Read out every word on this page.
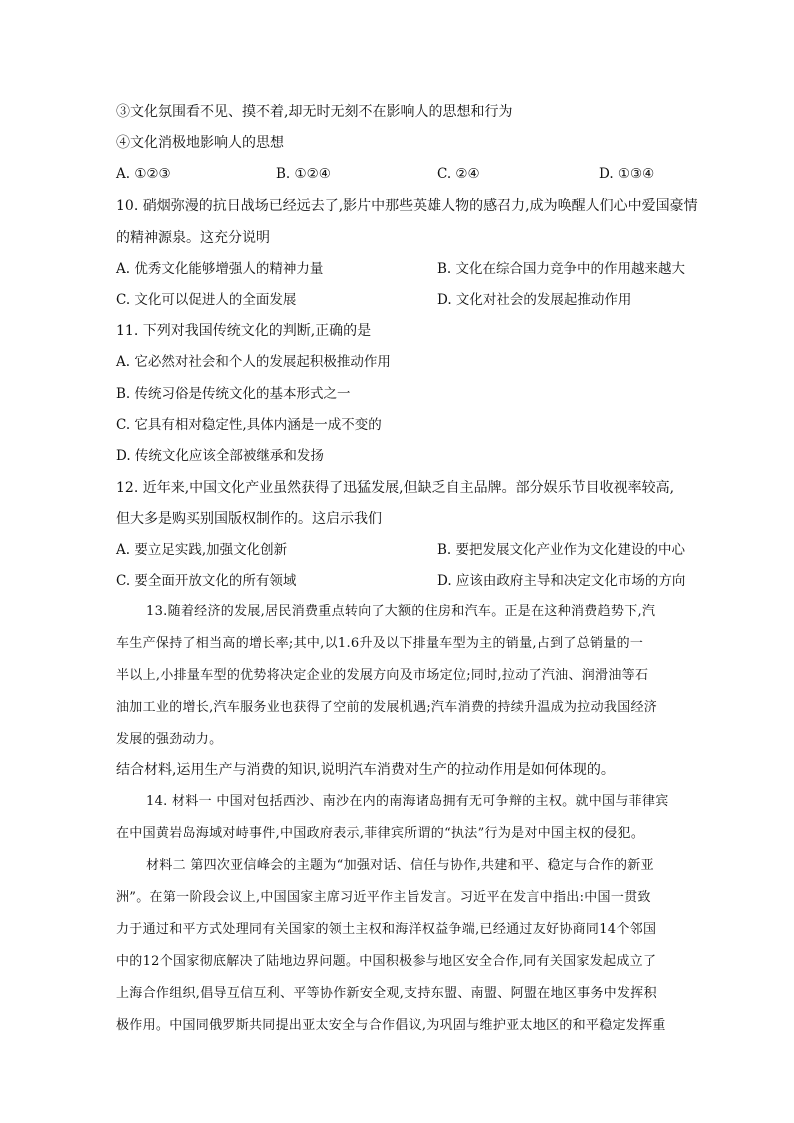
③文化氛围看不见、摸不着,却无时无刻不在影响人的思想和行为
④文化消极地影响人的思想
A. ①②③	B. ①②④	C. ②④	D. ①③④
10. 硝烟弥漫的抗日战场已经远去了,影片中那些英雄人物的感召力,成为唤醒人们心中爱国豪情
的精神源泉。这充分说明
A. 优秀文化能够增强人的精神力量	B. 文化在综合国力竞争中的作用越来越大
C. 文化可以促进人的全面发展	D. 文化对社会的发展起推动作用
11. 下列对我国传统文化的判断,正确的是
A. 它必然对社会和个人的发展起积极推动作用
B. 传统习俗是传统文化的基本形式之一
C. 它具有相对稳定性,具体内涵是一成不变的
D. 传统文化应该全部被继承和发扬
12. 近年来,中国文化产业虽然获得了迅猛发展,但缺乏自主品牌。部分娱乐节目收视率较高,
但大多是购买别国版权制作的。这启示我们
A. 要立足实践,加强文化创新	B. 要把发展文化产业作为文化建设的中心
C. 要全面开放文化的所有领域	D. 应该由政府主导和决定文化市场的方向
13.随着经济的发展,居民消费重点转向了大额的住房和汽车。正是在这种消费趋势下,汽
车生产保持了相当高的增长率;其中,以1.6升及以下排量车型为主的销量,占到了总销量的一
半以上,小排量车型的优势将决定企业的发展方向及市场定位;同时,拉动了汽油、润滑油等石
油加工业的增长,汽车服务业也获得了空前的发展机遇;汽车消费的持续升温成为拉动我国经济
发展的强劲动力。
结合材料,运用生产与消费的知识,说明汽车消费对生产的拉动作用是如何体现的。
14. 材料一 中国对包括西沙、南沙在内的南海诸岛拥有无可争辩的主权。就中国与菲律宾
在中国黄岩岛海域对峙事件,中国政府表示,菲律宾所谓的“执法”行为是对中国主权的侵犯。
材料二 第四次亚信峰会的主题为“加强对话、信任与协作,共建和平、稳定与合作的新亚
洲”。在第一阶段会议上,中国国家主席习近平作主旨发言。习近平在发言中指出:中国一贯致
力于通过和平方式处理同有关国家的领土主权和海洋权益争端,已经通过友好协商同14个邻国
中的12个国家彻底解决了陆地边界问题。中国积极参与地区安全合作,同有关国家发起成立了
上海合作组织,倡导互信互利、平等协作新安全观,支持东盟、南盟、阿盟在地区事务中发挥积
极作用。中国同俄罗斯共同提出亚太安全与合作倡议,为巩固与维护亚太地区的和平稳定发挥重
